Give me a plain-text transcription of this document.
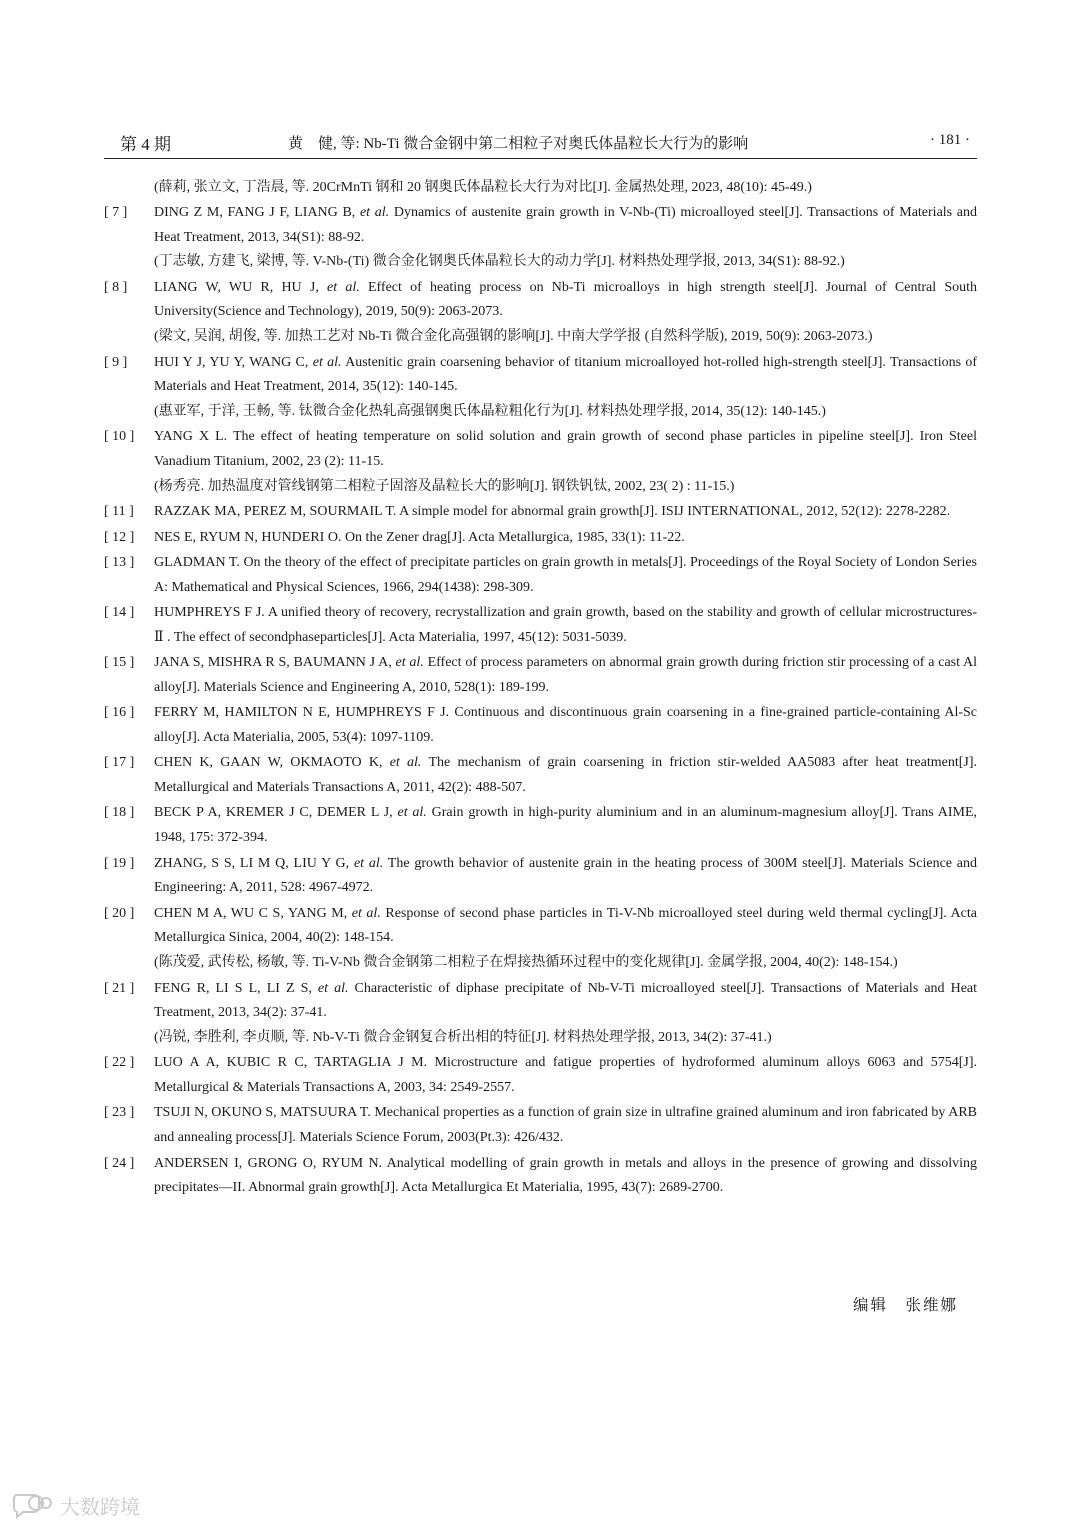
第 4 期	黄　健, 等: Nb-Ti 微合金钢中第二相粒子对奥氏体晶粒长大行为的影响	· 181 ·
(薛莉, 张立文, 丁浩晨, 等. 20CrMnTi 钢和 20 钢奥氏体晶粒长大行为对比[J]. 金属热处理, 2023, 48(10): 45-49.)
[ 7 ]	DING Z M, FANG J F, LIANG B, et al. Dynamics of austenite grain growth in V-Nb-(Ti) microalloyed steel[J]. Transactions of Materials and Heat Treatment, 2013, 34(S1): 88-92.
(丁志敏, 方建飞, 梁博, 等. V-Nb-(Ti) 微合金化钢奥氏体晶粒长大的动力学[J]. 材料热处理学报, 2013, 34(S1): 88-92.)
[ 8 ]	LIANG W, WU R, HU J, et al. Effect of heating process on Nb-Ti microalloys in high strength steel[J]. Journal of Central South University(Science and Technology), 2019, 50(9): 2063-2073.
(梁文, 吴润, 胡俊, 等. 加热工艺对 Nb-Ti 微合金化高强钢的影响[J]. 中南大学学报 (自然科学版), 2019, 50(9): 2063-2073.)
[ 9 ]	HUI Y J, YU Y, WANG C, et al. Austenitic grain coarsening behavior of titanium microalloyed hot-rolled high-strength steel[J]. Transactions of Materials and Heat Treatment, 2014, 35(12): 140-145.
(惠亚军, 于洋, 王畅, 等. 钛微合金化热轧高强钢奥氏体晶粒粗化行为[J]. 材料热处理学报, 2014, 35(12): 140-145.)
[ 10 ]	YANG X L. The effect of heating temperature on solid solution and grain growth of second phase particles in pipeline steel[J]. Iron Steel Vanadium Titanium, 2002, 23 (2): 11-15.
(杨秀亮. 加热温度对管线钢第二相粒子固溶及晶粒长大的影响[J]. 钢铁钒钛, 2002, 23( 2) : 11-15.)
[ 11 ]	RAZZAK MA, PEREZ M, SOURMAIL T. A simple model for abnormal grain growth[J]. ISIJ INTERNATIONAL, 2012, 52(12): 2278-2282.
[ 12 ]	NES E, RYUM N, HUNDERI O. On the Zener drag[J]. Acta Metallurgica, 1985, 33(1): 11-22.
[ 13 ]	GLADMAN T. On the theory of the effect of precipitate particles on grain growth in metals[J]. Proceedings of the Royal Society of London Series A: Mathematical and Physical Sciences, 1966, 294(1438): 298-309.
[ 14 ]	HUMPHREYS F J. A unified theory of recovery, recrystallization and grain growth, based on the stability and growth of cellular microstructures- Ⅱ . The effect of secondphaseparticles[J]. Acta Materialia, 1997, 45(12): 5031-5039.
[ 15 ]	JANA S, MISHRA R S, BAUMANN J A, et al. Effect of process parameters on abnormal grain growth during friction stir processing of a cast Al alloy[J]. Materials Science and Engineering A, 2010, 528(1): 189-199.
[ 16 ]	FERRY M, HAMILTON N E, HUMPHREYS F J. Continuous and discontinuous grain coarsening in a fine-grained particle-containing Al-Sc alloy[J]. Acta Materialia, 2005, 53(4): 1097-1109.
[ 17 ]	CHEN K, GAAN W, OKMAOTO K, et al. The mechanism of grain coarsening in friction stir-welded AA5083 after heat treatment[J]. Metallurgical and Materials Transactions A, 2011, 42(2): 488-507.
[ 18 ]	BECK P A, KREMER J C, DEMER L J, et al. Grain growth in high-purity aluminium and in an aluminum-magnesium alloy[J]. Trans AIME, 1948, 175: 372-394.
[ 19 ]	ZHANG, S S, LI M Q, LIU Y G, et al. The growth behavior of austenite grain in the heating process of 300M steel[J]. Materials Science and Engineering: A, 2011, 528: 4967-4972.
[ 20 ]	CHEN M A, WU C S, YANG M, et al. Response of second phase particles in Ti-V-Nb microalloyed steel during weld thermal cycling[J]. Acta Metallurgica Sinica, 2004, 40(2): 148-154.
(陈茂爱, 武传松, 杨敏, 等. Ti-V-Nb 微合金钢第二相粒子在焊接热循环过程中的变化规律[J]. 金属学报, 2004, 40(2): 148-154.)
[ 21 ]	FENG R, LI S L, LI Z S, et al. Characteristic of diphase precipitate of Nb-V-Ti microalloyed steel[J]. Transactions of Materials and Heat Treatment, 2013, 34(2): 37-41.
(冯锐, 李胜利, 李贞顺, 等. Nb-V-Ti 微合金钢复合析出相的特征[J]. 材料热处理学报, 2013, 34(2): 37-41.)
[ 22 ]	LUO A A, KUBIC R C, TARTAGLIA J M. Microstructure and fatigue properties of hydroformed aluminum alloys 6063 and 5754[J]. Metallurgical & Materials Transactions A, 2003, 34: 2549-2557.
[ 23 ]	TSUJI N, OKUNO S, MATSUURA T. Mechanical properties as a function of grain size in ultrafine grained aluminum and iron fabricated by ARB and annealing process[J]. Materials Science Forum, 2003(Pt.3): 426/432.
[ 24 ]	ANDERSEN I, GRONG O, RYUM N. Analytical modelling of grain growth in metals and alloys in the presence of growing and dissolving precipitates—II. Abnormal grain growth[J]. Acta Metallurgica Et Materialia, 1995, 43(7): 2689-2700.
编辑　张维娜
大数跨境
